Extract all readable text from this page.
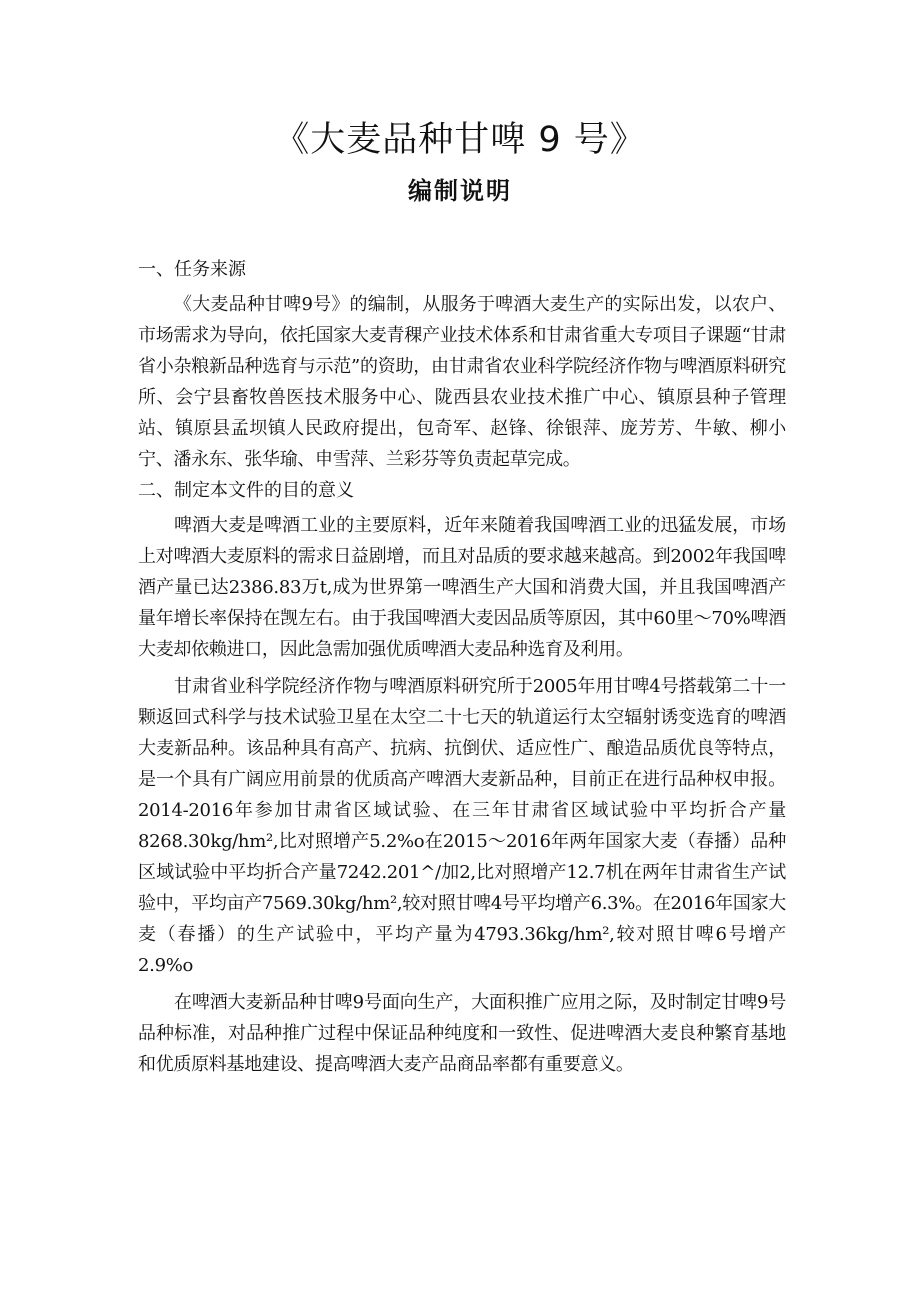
《大麦品种甘啤 9 号》
编制说明
一、任务来源

《大麦品种甘啤9号》的编制，从服务于啤酒大麦生产的实际出发，以农户、市场需求为导向，依托国家大麦青稞产业技术体系和甘肃省重大专项目子课题“甘肃省小杂粮新品种选育与示范”的资助，由甘肃省农业科学院经济作物与啤酒原料研究所、会宁县畜牧兽医技术服务中心、陇西县农业技术推广中心、镇原县种子管理站、镇原县孟坝镇人民政府提出，包奇军、赵锋、徐银萍、庞芳芳、牛敏、柳小宁、潘永东、张华瑜、申雪萍、兰彩芬等负责起草完成。

二、制定本文件的目的意义

啤酒大麦是啤酒工业的主要原料，近年来随着我国啤酒工业的迅猛发展，市场上对啤酒大麦原料的需求日益剧增，而且对品质的要求越来越高。到2002年我国啤酒产量已达2386.83万t,成为世界第一啤酒生产大国和消费大国，并且我国啤酒产量年增长率保持在觊左右。由于我国啤酒大麦因品质等原因，其中60里～70%啤酒大麦却依赖进口，因此急需加强优质啤酒大麦品种选育及利用。

甘肃省业科学院经济作物与啤酒原料研究所于2005年用甘啤4号搭载第二十一颗返回式科学与技术试验卫星在太空二十七天的轨道运行太空辐射诱变选育的啤酒大麦新品种。该品种具有高产、抗病、抗倒伏、适应性广、酿造品质优良等特点，是一个具有广阔应用前景的优质高产啤酒大麦新品种，目前正在进行品种权申报。2014-2016年参加甘肃省区域试验、在三年甘肃省区域试验中平均折合产量8268.30kg/hm²,比对照增产5.2%o在2015～2016年两年国家大麦（春播）品种区域试验中平均折合产量7242.201^/加2,比对照增产12.7机在两年甘肃省生产试验中，平均亩产7569.30kg/hm²,较对照甘啤4号平均增产6.3%。在2016年国家大麦（春播）的生产试验中，平均产量为4793.36kg/hm²,较对照甘啤6号增产2.9%o

在啤酒大麦新品种甘啤9号面向生产，大面积推广应用之际，及时制定甘啤9号品种标准，对品种推广过程中保证品种纯度和一致性、促进啤酒大麦良种繁育基地和优质原料基地建设、提高啤酒大麦产品商品率都有重要意义。
